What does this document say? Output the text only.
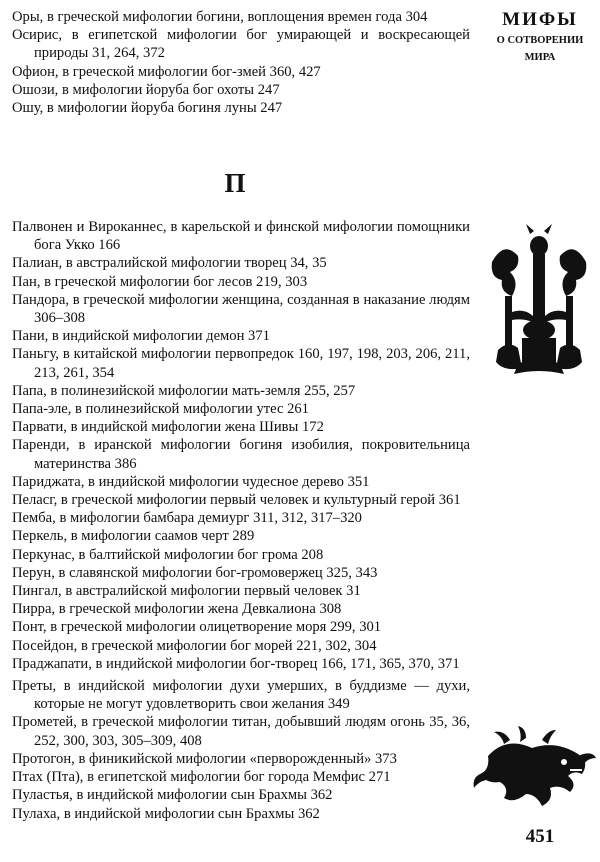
Оры, в греческой мифологии богини, воплощения времен года 304
Осирис, в египетской мифологии бог умирающей и воскресающей природы 31, 264, 372
Офион, в греческой мифологии бог-змей 360, 427
Ошози, в мифологии йоруба бог охоты 247
Ошу, в мифологии йоруба богиня луны 247
П
Палвонен и Вироканнес, в карельской и финской мифологии помощники бога Укко 166
Палиан, в австралийской мифологии творец 34, 35
Пан, в греческой мифологии бог лесов 219, 303
Пандора, в греческой мифологии женщина, созданная в наказание людям 306–308
Пани, в индийской мифологии демон 371
Паньгу, в китайской мифологии первопредок 160, 197, 198, 203, 206, 211, 213, 261, 354
Папа, в полинезийской мифологии мать-земля 255, 257
Папа-эле, в полинезийской мифологии утес 261
Парвати, в индийской мифологии жена Шивы 172
Паренди, в иранской мифологии богиня изобилия, покровительница материнства 386
Париджата, в индийской мифологии чудесное дерево 351
Пеласг, в греческой мифологии первый человек и культурный герой 361
Пемба, в мифологии бамбара демиург 311, 312, 317–320
Перкель, в мифологии саамов черт 289
Перкунас, в балтийской мифологии бог грома 208
Перун, в славянской мифологии бог-громовержец 325, 343
Пингал, в австралийской мифологии первый человек 31
Пирра, в греческой мифологии жена Девкалиона 308
Понт, в греческой мифологии олицетворение моря 299, 301
Посейдон, в греческой мифологии бог морей 221, 302, 304
Праджапати, в индийской мифологии бог-творец 166, 171, 365, 370, 371
Преты, в индийской мифологии духи умерших, в буддизме — духи, которые не могут удовлетворить свои желания 349
Прометей, в греческой мифологии титан, добывший людям огонь 35, 36, 252, 300, 303, 305–309, 408
Протогон, в финикийской мифологии «перворожденный» 373
Птах (Пта), в египетской мифологии бог города Мемфис 271
Пуластья, в индийской мифологии сын Брахмы 362
Пулаха, в индийской мифологии сын Брахмы 362
МИФЫ
О СОТВОРЕНИИ
МИРА
451
